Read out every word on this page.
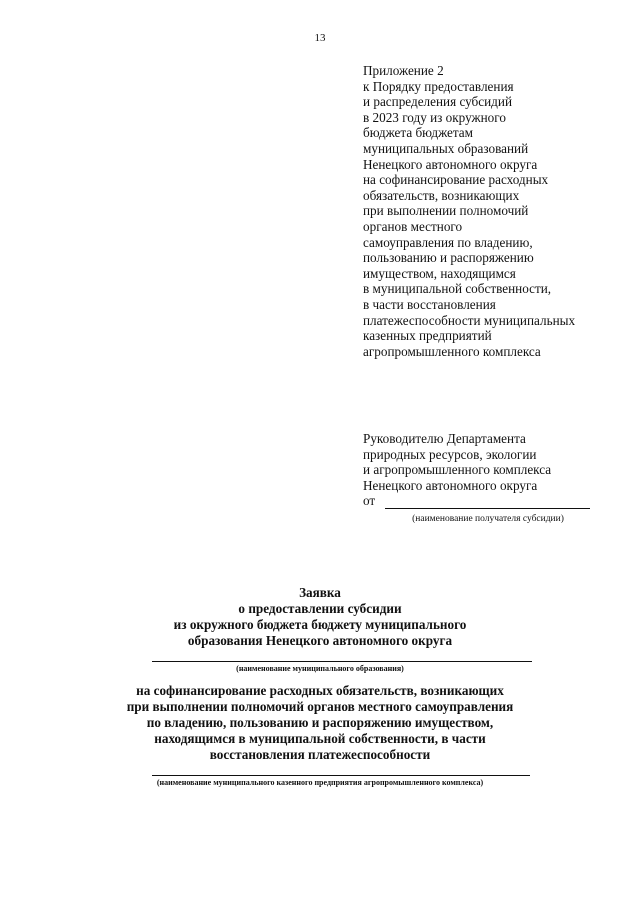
13
Приложение 2
к Порядку предоставления
и распределения субсидий
в 2023 году из окружного
бюджета бюджетам
муниципальных образований
Ненецкого автономного округа
на софинансирование расходных
обязательств, возникающих
при выполнении полномочий
органов местного
самоуправления по владению,
пользованию и распоряжению
имуществом, находящимся
в муниципальной собственности,
в части восстановления
платежеспособности муниципальных
казенных предприятий
агропромышленного комплекса
Руководителю Департамента
природных ресурсов, экологии
и агропромышленного комплекса
Ненецкого автономного округа
от
(наименование получателя субсидии)
Заявка
о предоставлении субсидии
из окружного бюджета бюджету муниципального
образования Ненецкого автономного округа
(наименование муниципального образования)
на софинансирование расходных обязательств, возникающих
при выполнении полномочий органов местного самоуправления
по владению, пользованию и распоряжению имуществом,
находящимся в муниципальной собственности, в части
восстановления платежеспособности
(наименование муниципального казенного предприятия агропромышленного комплекса)
